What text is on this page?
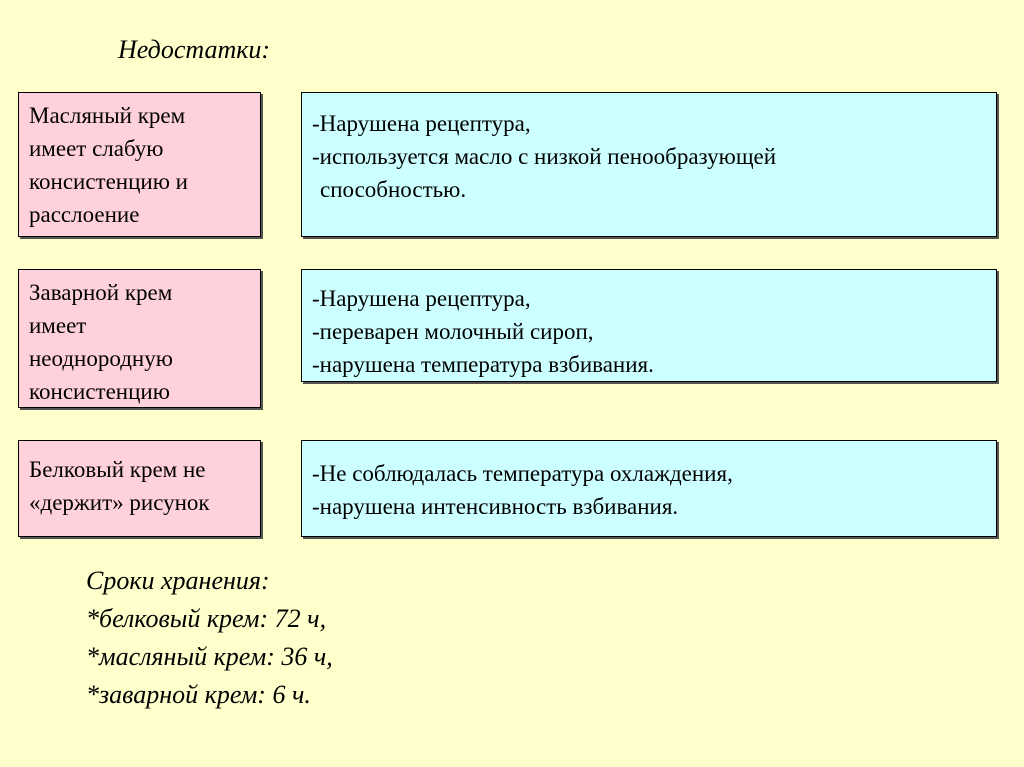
Недостатки:
Масляный крем
имеет слабую
консистенцию и
расслоение
-Нарушена рецептура,
-используется масло с низкой пенообразующей
способностью.
Заварной крем
имеет
неоднородную
консистенцию
-Нарушена рецептура,
-переварен молочный сироп,
-нарушена температура взбивания.
Белковый крем не
«держит» рисунок
-Не соблюдалась температура охлаждения,
-нарушена интенсивность взбивания.
Сроки хранения:
*белковый крем: 72 ч,
*масляный крем: 36 ч,
*заварной крем: 6 ч.
